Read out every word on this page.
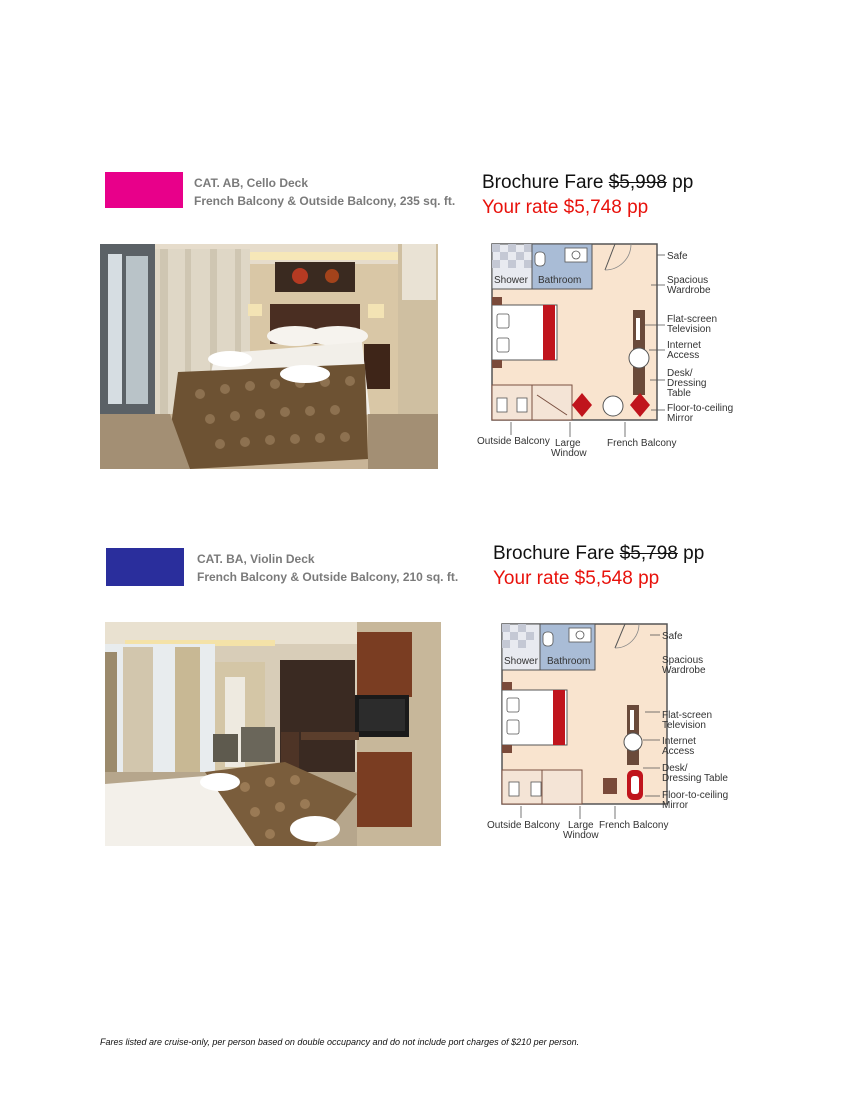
CAT. AB, Cello Deck
French Balcony & Outside Balcony, 235 sq. ft.
Brochure Fare $5,998 pp
Your rate $5,748 pp
Safe
Spacious
Wardrobe
Flat-screen
Television
Internet
Access
Desk/
Dressing
Table
Floor-to-ceiling
Mirror
Shower Bathroom
Outside Balcony Large
Window
French Balcony
CAT. BA, Violin Deck
French Balcony & Outside Balcony, 210 sq. ft.
Brochure Fare $5,798 pp
Your rate $5,548 pp
Safe
Spacious
Wardrobe
Flat-screen
Television
Internet
Access
Desk/
Dressing Table
Floor-to-ceiling
Mirror
Shower Bathroom
Outside Balcony Large
Window
French Balcony
Fares listed are cruise-only, per person based on double occupancy and do not include port charges of $210 per person.
